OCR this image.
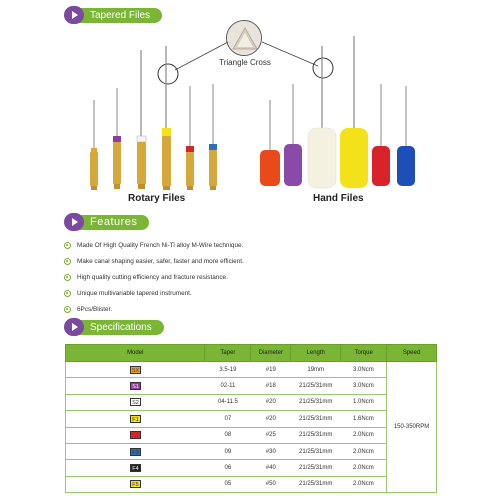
Tapered Files
Triangle Cross
Rotary Files	Hand Files
Features
Made Of High Quality French Ni-Ti alloy M-Wire technique.
Make canal shaping easier, safer, faster and more efficient.
High quality cutting efficiency and fracture resistance.
Unique multivariable tapered instrument.
6Pcs/Blister.
Specifications
Model	Taper	Diameter	Length	Torque	Speed
SX	3.5-19	#19	19mm	3.0Ncm	150-350RPM
S1	02-11	#18	21/25/31mm	3.0Ncm	
S2	04-11.5	#20	21/25/31mm	1.0Ncm	
F1	07	#20	21/25/31mm	1.6Ncm	
F2	08	#25	21/25/31mm	2.0Ncm	
F3	09	#30	21/25/31mm	2.0Ncm	
F4	06	#40	21/25/31mm	2.0Ncm	
F5	05	#50	21/25/31mm	2.0Ncm	
